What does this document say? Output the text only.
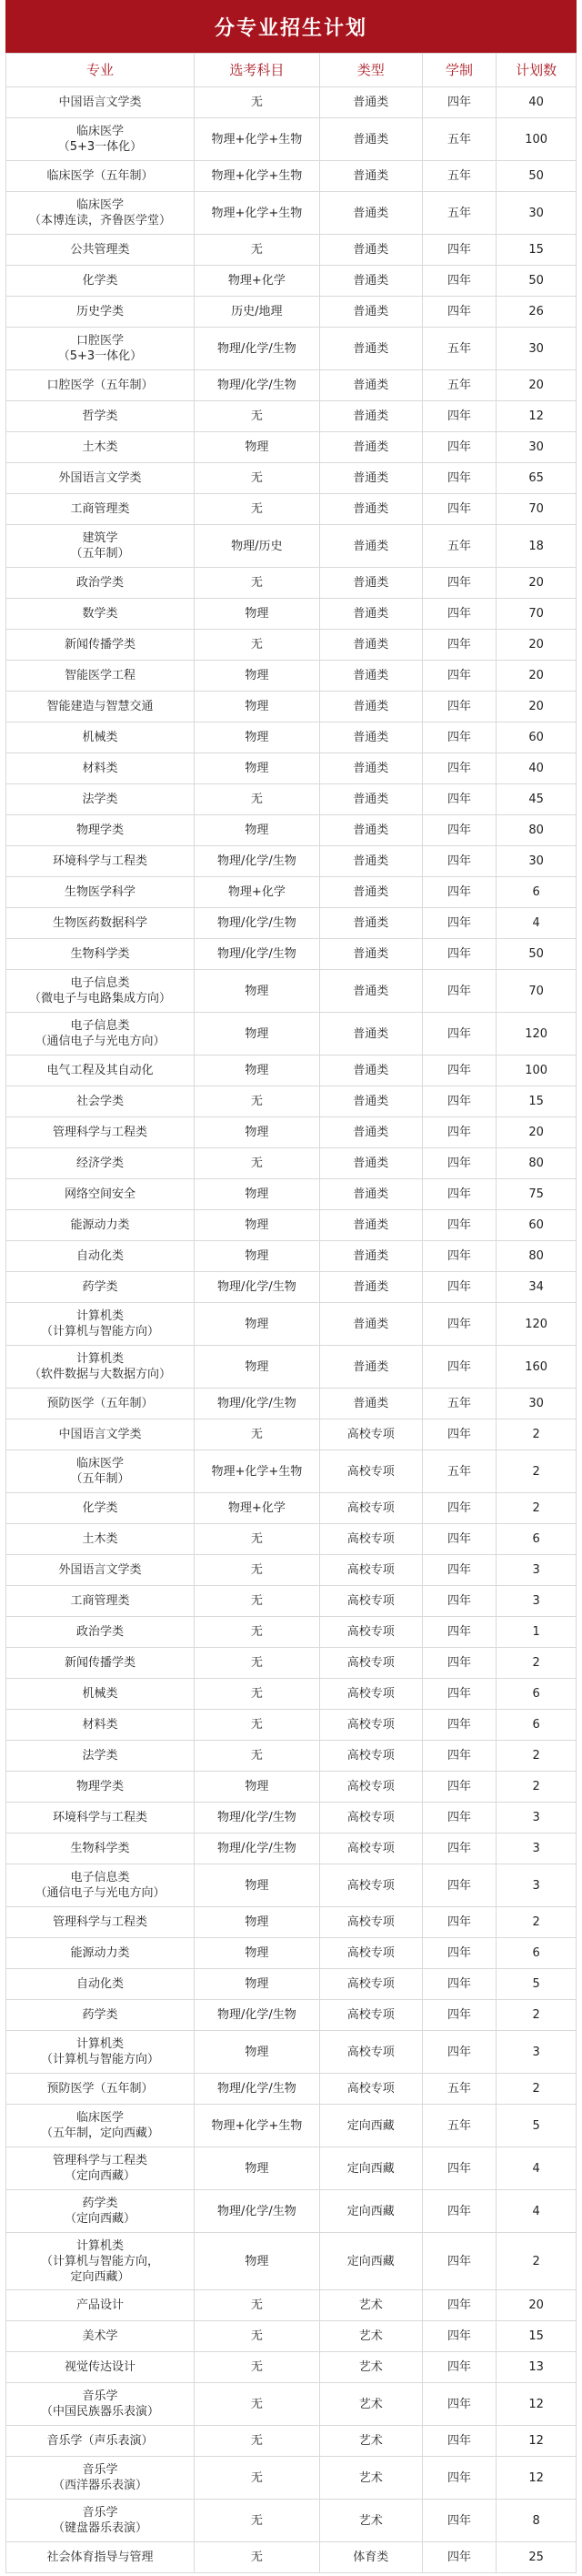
分专业招生计划
专业	选考科目	类型	学制	计划数
中国语言文学类	无	普通类	四年	40
临床医学
（5+3一体化）	物理+化学+生物	普通类	五年	100
临床医学（五年制）	物理+化学+生物	普通类	五年	50
临床医学
（本博连读，齐鲁医学堂）	物理+化学+生物	普通类	五年	30
公共管理类	无	普通类	四年	15
化学类	物理+化学	普通类	四年	50
历史学类	历史/地理	普通类	四年	26
口腔医学
（5+3一体化）	物理/化学/生物	普通类	五年	30
口腔医学（五年制）	物理/化学/生物	普通类	五年	20
哲学类	无	普通类	四年	12
土木类	物理	普通类	四年	30
外国语言文学类	无	普通类	四年	65
工商管理类	无	普通类	四年	70
建筑学
（五年制）	物理/历史	普通类	五年	18
政治学类	无	普通类	四年	20
数学类	物理	普通类	四年	70
新闻传播学类	无	普通类	四年	20
智能医学工程	物理	普通类	四年	20
智能建造与智慧交通	物理	普通类	四年	20
机械类	物理	普通类	四年	60
材料类	物理	普通类	四年	40
法学类	无	普通类	四年	45
物理学类	物理	普通类	四年	80
环境科学与工程类	物理/化学/生物	普通类	四年	30
生物医学科学	物理+化学	普通类	四年	6
生物医药数据科学	物理/化学/生物	普通类	四年	4
生物科学类	物理/化学/生物	普通类	四年	50
电子信息类
（微电子与电路集成方向）	物理	普通类	四年	70
电子信息类
（通信电子与光电方向）	物理	普通类	四年	120
电气工程及其自动化	物理	普通类	四年	100
社会学类	无	普通类	四年	15
管理科学与工程类	物理	普通类	四年	20
经济学类	无	普通类	四年	80
网络空间安全	物理	普通类	四年	75
能源动力类	物理	普通类	四年	60
自动化类	物理	普通类	四年	80
药学类	物理/化学/生物	普通类	四年	34
计算机类
（计算机与智能方向）	物理	普通类	四年	120
计算机类
（软件数据与大数据方向）	物理	普通类	四年	160
预防医学（五年制）	物理/化学/生物	普通类	五年	30
中国语言文学类	无	高校专项	四年	2
临床医学
（五年制）	物理+化学+生物	高校专项	五年	2
化学类	物理+化学	高校专项	四年	2
土木类	无	高校专项	四年	6
外国语言文学类	无	高校专项	四年	3
工商管理类	无	高校专项	四年	3
政治学类	无	高校专项	四年	1
新闻传播学类	无	高校专项	四年	2
机械类	无	高校专项	四年	6
材料类	无	高校专项	四年	6
法学类	无	高校专项	四年	2
物理学类	物理	高校专项	四年	2
环境科学与工程类	物理/化学/生物	高校专项	四年	3
生物科学类	物理/化学/生物	高校专项	四年	3
电子信息类
（通信电子与光电方向）	物理	高校专项	四年	3
管理科学与工程类	物理	高校专项	四年	2
能源动力类	物理	高校专项	四年	6
自动化类	物理	高校专项	四年	5
药学类	物理/化学/生物	高校专项	四年	2
计算机类
（计算机与智能方向）	物理	高校专项	四年	3
预防医学（五年制）	物理/化学/生物	高校专项	五年	2
临床医学
（五年制，定向西藏）	物理+化学+生物	定向西藏	五年	5
管理科学与工程类
（定向西藏）	物理	定向西藏	四年	4
药学类
（定向西藏）	物理/化学/生物	定向西藏	四年	4
计算机类
（计算机与智能方向，
定向西藏）	物理	定向西藏	四年	2
产品设计	无	艺术	四年	20
美术学	无	艺术	四年	15
视觉传达设计	无	艺术	四年	13
音乐学
（中国民族器乐表演）	无	艺术	四年	12
音乐学（声乐表演）	无	艺术	四年	12
音乐学
（西洋器乐表演）	无	艺术	四年	12
音乐学
（键盘器乐表演）	无	艺术	四年	8
社会体育指导与管理	无	体育类	四年	25
